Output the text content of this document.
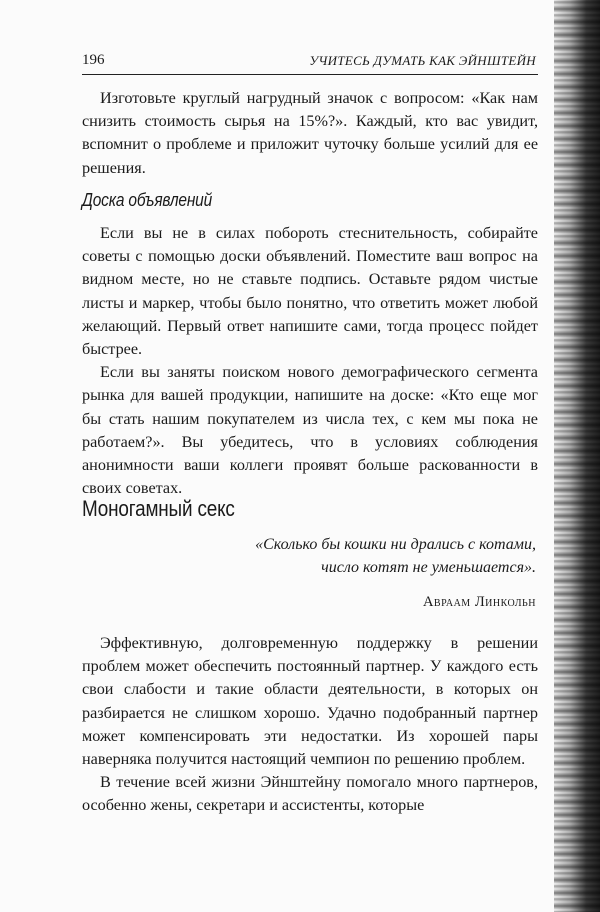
196	УЧИТЕСЬ ДУМАТЬ КАК ЭЙНШТЕЙН

Изготовьте круглый нагрудный значок с вопросом: «Как нам снизить стоимость сырья на 15%?». Каждый, кто вас увидит, вспомнит о проблеме и приложит чуточку больше усилий для ее решения.

Доска объявлений

Если вы не в силах побороть стеснительность, собирайте советы с помощью доски объявлений. Поместите ваш вопрос на видном месте, но не ставьте подпись. Оставьте рядом чистые листы и маркер, чтобы было понятно, что ответить может любой желающий. Первый ответ напишите сами, тогда процесс пойдет быстрее.

Если вы заняты поиском нового демографического сегмента рынка для вашей продукции, напишите на доске: «Кто еще мог бы стать нашим покупателем из числа тех, с кем мы пока не работаем?». Вы убедитесь, что в условиях соблюдения анонимности ваши коллеги проявят больше раскованности в своих советах.

Моногамный секс
«Сколько бы кошки ни дрались с котами,
число котят не уменьшается».
Авраам Линкольн

Эффективную, долговременную поддержку в решении проблем может обеспечить постоянный партнер. У каждого есть свои слабости и такие области деятельности, в которых он разбирается не слишком хорошо. Удачно подобранный партнер может компенсировать эти недостатки. Из хорошей пары наверняка получится настоящий чемпион по решению проблем.

В течение всей жизни Эйнштейну помогало много партнеров, особенно жены, секретари и ассистенты, которые
